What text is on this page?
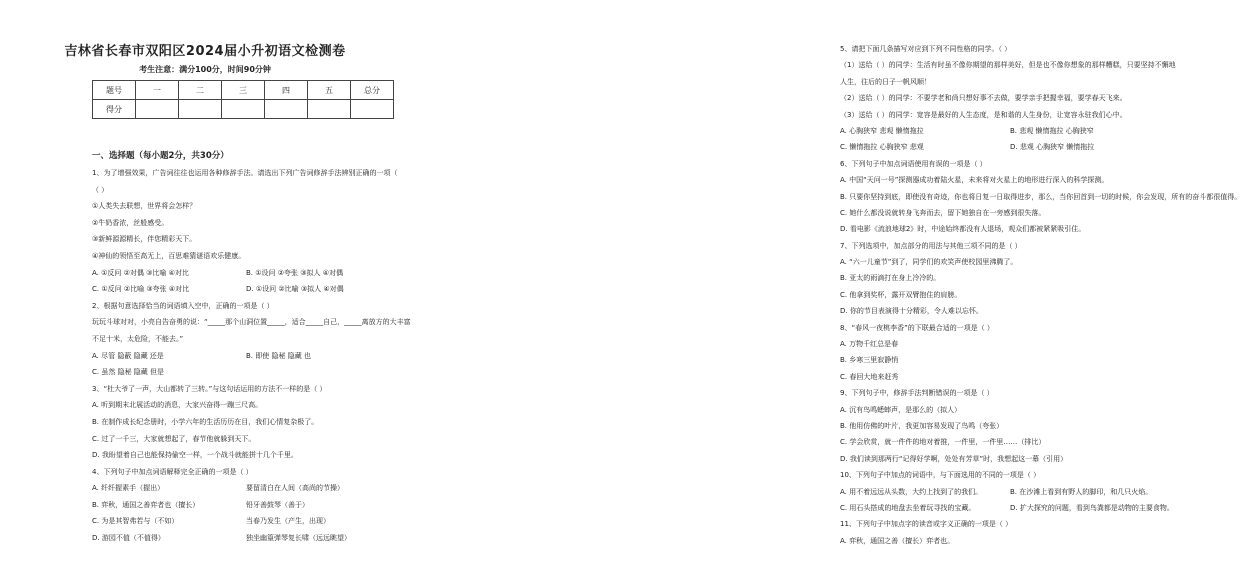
吉林省长春市双阳区2024届小升初语文检测卷
考生注意：满分100分，时间90分钟
题号	一	二	三	四	五	总分
得分						
一、选择题（每小题2分，共30分）
1、为了增强效果，广告词往往也运用各种修辞手法。请选出下列广告词修辞手法辨别正确的一项（
（ ）
①人类失去联想，世界将会怎样？
②牛奶香浓，丝般感受。
③新鲜源源精长，伴您精彩天下。
④神仙的领悟至高无上，百思难猜谜语欢乐健康。
A. ①反问 ②对偶 ③比喻 ④对比	B. ①设问 ②夸张 ③拟人 ④对偶
C. ①反问 ②比喻 ③夸张 ④对比	D. ①设问 ②比喻 ③拟人 ④对偶
2、根据句意选择恰当的词语填入空中，正确的一项是（ ）
玩玩斗球对对，小亮自告奋勇的说：“_____那个山洞位置_____，适合_____自己，_____离放方的大丰富
不足十米，太危险，不能去。”
A. 尽管 隐蔽 隐藏 还是	B. 即使 隐秘 隐藏 也
C. 虽然 隐秘 隐藏 但是
3、“杜大爷了一声，大山都转了三转。”与这句话运用的方法不一样的是（ ）
A. 听到期末北展活动的消息，大家兴奋得一蹦三尺高。
B. 在制作成长纪念册时，小学六年的生活历历在目，我们心情复杂极了。
C. 过了一千三，大家就想起了，春节他就躲到天下。
D. 我盼望着自己也能保持偷空一样，一个战斗就能拼十几个千里。
4、下列句子中加点词语解释完全正确的一项是（ ）
A. 纤纤握素手（握出）	要留清白在人间（高尚的节操）
B. 弈秋，通国之善弈者也（擅长）	铅牙善鼓琴（善于）
C. 为是其智弗若与（不如）	当春乃发生（产生，出现）
D. 游园不值（不值得）	独坐幽篁弹琴复长啸（远远眺望）
5、请把下面几条描写对应到下列不同性格的同学。（ ）
（1）送给（ ）的同学：生活有时虽不像你期望的那样美好，但是也不像你想象的那样糟糕，只要坚持不懈地
人生，往后的日子一帆风顺！
（2）送给（ ）的同学：不要学老和尚只想好事不去做，要学亲手把握幸福，要学春天飞来。
（3）送给（ ）的同学：宽容是最好的人生态度，是和谐的人生身份，让宽容永驻我们心中。
A. 心胸狭窄 悲观 懒惰拖拉	B. 悲观 懒惰拖拉 心胸狭窄
C. 懒惰拖拉 心胸狭窄 悲观	D. 悲观 心胸狭窄 懒惰拖拉
6、下列句子中加点词语使用有误的一项是（ ）
A. 中国“天问一号”探测器成功着陆火星，未来将对火星上的地形进行深入的科学探测。
B. 只要你坚持到底，即使没有奇迹，你也将日复一日取得进步，那么，当你回首到一切的时候，你会发现，所有的奋斗都很值得。
C. 她什么都没说就转身飞奔而去，留下她独自在一旁感到很失落。
D. 看电影《流浪地球2》时，中途始终都没有人退场，观众们都被紧紧吸引住。
7、下列选项中，加点部分的用法与其他三项不同的是（ ）
A. “六一儿童节”到了，同学们的欢笑声使校园里沸腾了。
B. 亚太的雨滴打在身上冷冷的。
C. 他拿到奖杯，露开双臂抱住的肩膀。
D. 你的节目表演得十分精彩，令人难以忘怀。
8、“春风一夜桃李香”的下联最合适的一项是（ ）
A. 万物千红总是春
B. 乡寒三里寂静悄
C. 春回大地来赶秀
9、下列句子中，修辞手法判断错误的一项是（ ）
A. 沉有鸟鸣蟋蟀声，是那么的（拟人）
B. 他用仿佛的叶片，我更加容易发现了鸟鸣（夸张）
C. 学会欣赏，就一件件的地对着推，一件里，一件里……（排比）
D. 我们读到那两行“记得好学啊，处处有芳草”时，我想起这一幕（引用）
10、下列句子中加点的词语中，与下面选用的不同的一项是（ ）
A. 用不着远远从头数，大约上找到了的我们。	B. 在沙滩上看到有野人的脚印，和几只火焰。
C. 用石头搭成的地盘去坐着玩寻找的宝藏。	D. 扩大探究的问题，看到鸟粪都是动物的主要食物。
11、下列句子中加点字的读音或字义正确的一项是（ ）
A. 弈秋，通国之善（擅长）弈者也。
